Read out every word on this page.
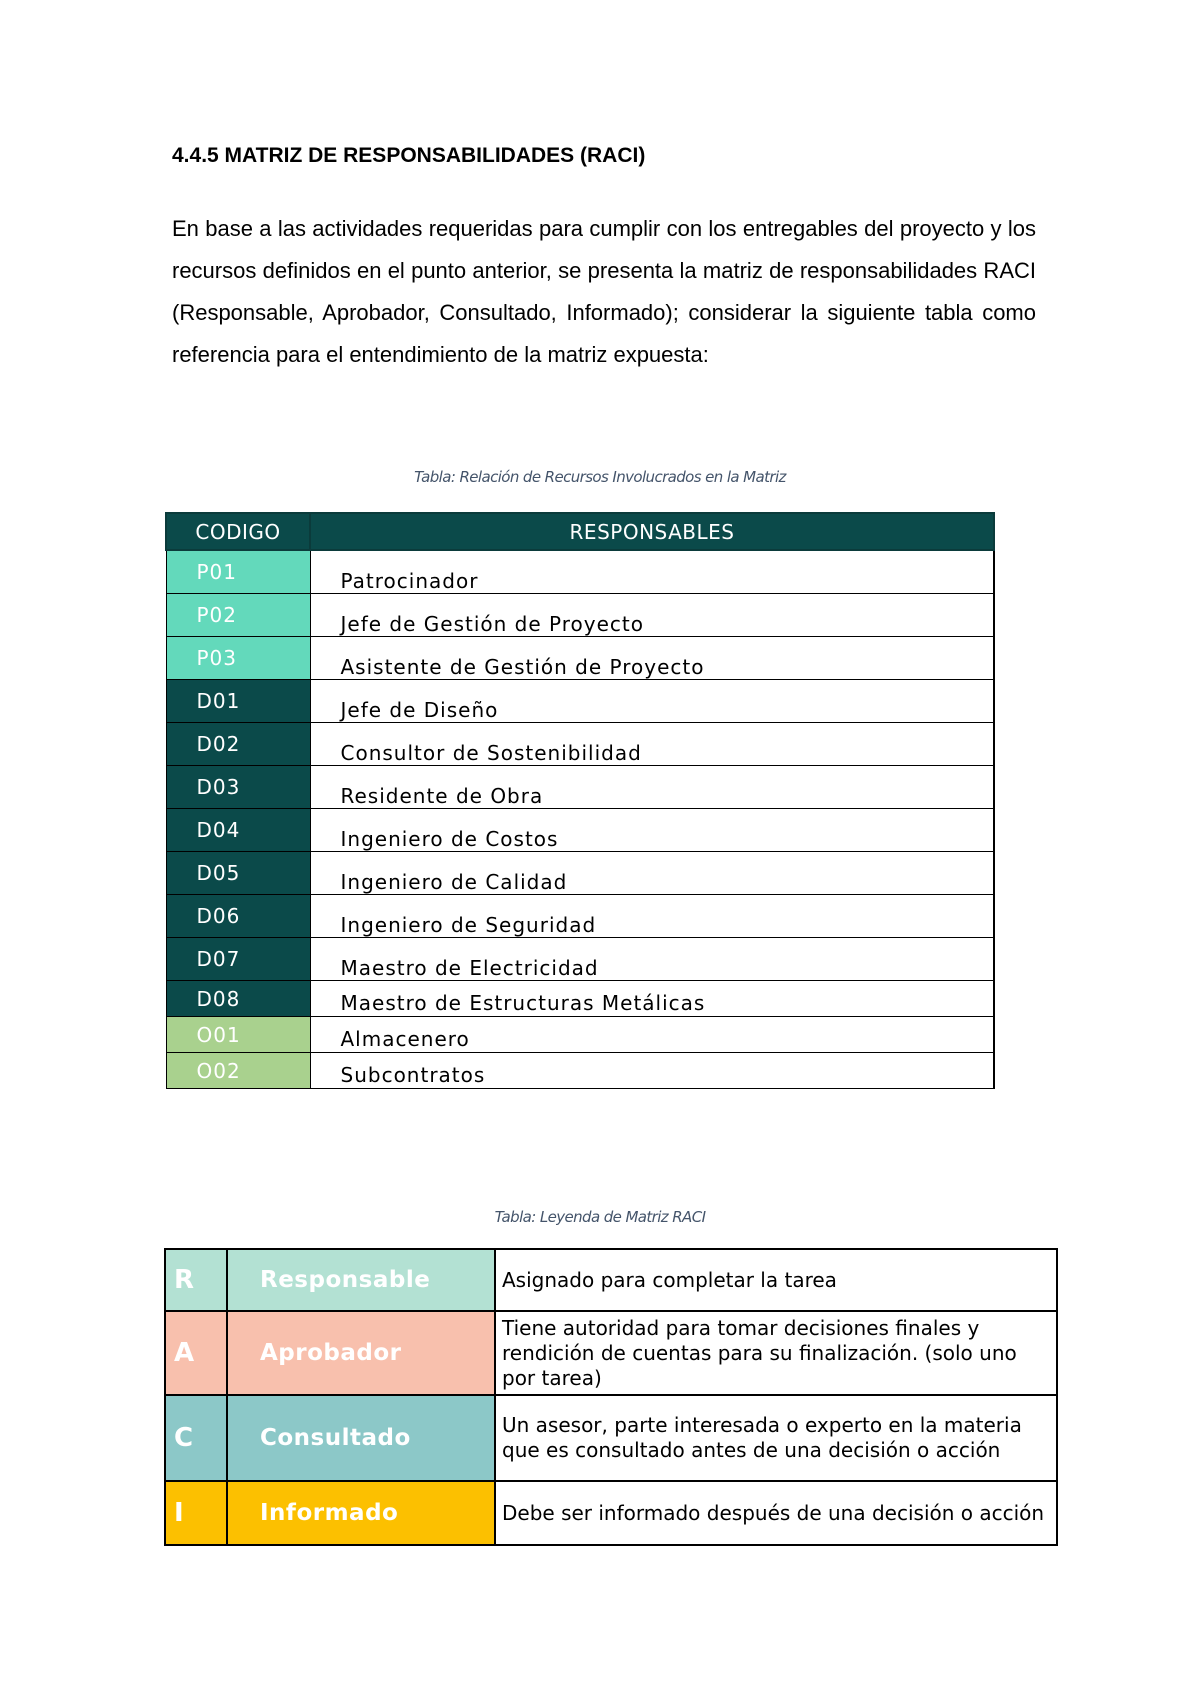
4.4.5 MATRIZ DE RESPONSABILIDADES (RACI)
En base a las actividades requeridas para cumplir con los entregables del proyecto y los recursos definidos en el punto anterior, se presenta la matriz de responsabilidades RACI (Responsable, Aprobador, Consultado, Informado); considerar la siguiente tabla como referencia para el entendimiento de la matriz expuesta:
Tabla: Relación de Recursos Involucrados en la Matriz
CODIGO	RESPONSABLES
P01	Patrocinador
P02	Jefe de Gestión de Proyecto
P03	Asistente de Gestión de Proyecto
D01	Jefe de Diseño
D02	Consultor de Sostenibilidad
D03	Residente de Obra
D04	Ingeniero de Costos
D05	Ingeniero de Calidad
D06	Ingeniero de Seguridad
D07	Maestro de Electricidad
D08	Maestro de Estructuras Metálicas
O01	Almacenero
O02	Subcontratos
Tabla: Leyenda de Matriz RACI
R	Responsable	Asignado para completar la tarea
A	Aprobador	Tiene autoridad para tomar decisiones finales y rendición de cuentas para su finalización. (solo uno por tarea)
C	Consultado	Un asesor, parte interesada o experto en la materia que es consultado antes de una decisión o acción
I	Informado	Debe ser informado después de una decisión o acción
